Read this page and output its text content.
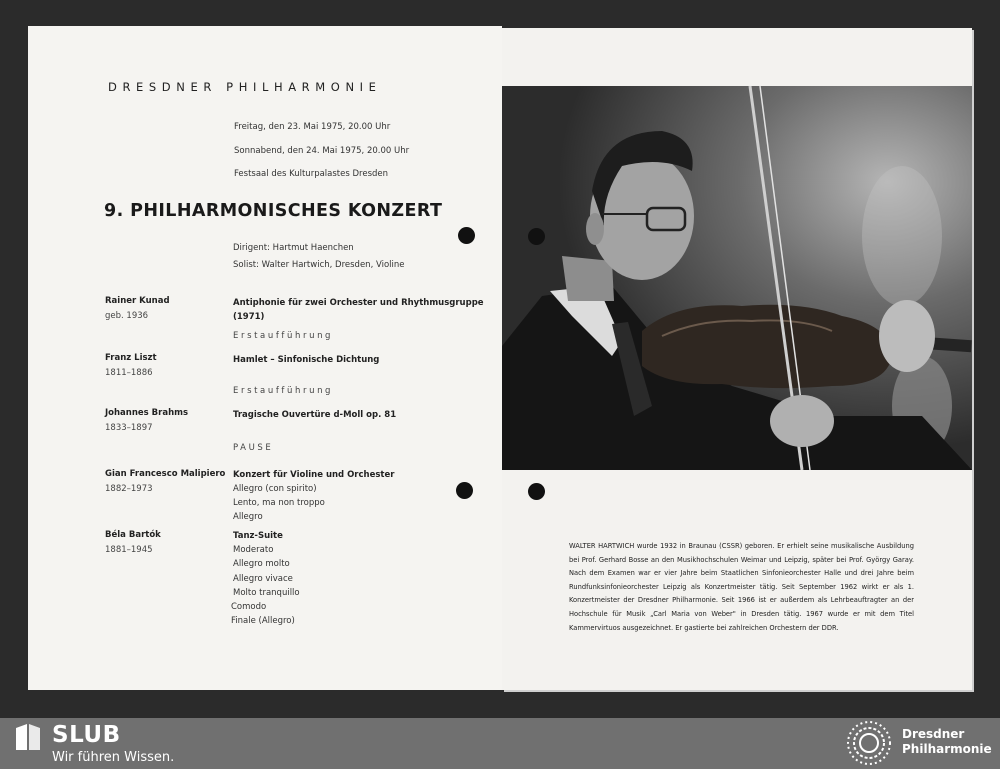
DRESDNER PHILHARMONIE
Freitag, den 23. Mai 1975, 20.00 Uhr
Sonnabend, den 24. Mai 1975, 20.00 Uhr
Festsaal des Kulturpalastes Dresden
9. PHILHARMONISCHES KONZERT
Dirigent: Hartmut Haenchen
Solist: Walter Hartwich, Dresden, Violine
Rainer Kunad
geb. 1936
Antiphonie für zwei Orchester und Rhythmusgruppe
(1971)
Erstaufführung
Franz Liszt
1811–1886
Hamlet – Sinfonische Dichtung
Erstaufführung
Johannes Brahms
1833–1897
Tragische Ouvertüre d-Moll op. 81
PAUSE
Gian Francesco Malipiero
1882–1973
Konzert für Violine und Orchester
Allegro (con spirito)
Lento, ma non troppo
Allegro
Béla Bartók
1881–1945
Tanz-Suite
Moderato
Allegro molto
Allegro vivace
Molto tranquillo
Comodo
Finale (Allegro)
WALTER HARTWICH wurde 1932 in Braunau (CSSR) geboren. Er erhielt seine musikalische Ausbildung bei Prof. Gerhard Bosse an den Musikhochschulen Weimar und Leipzig, später bei Prof. György Garay. Nach dem Examen war er vier Jahre beim Staatlichen Sinfonieorchester Halle und drei Jahre beim Rundfunksinfonieorchester Leipzig als Konzertmeister tätig. Seit September 1962 wirkt er als 1. Konzertmeister der Dresdner Philharmonie. Seit 1966 ist er außerdem als Lehrbeauftragter an der Hochschule für Musik „Carl Maria von Weber" in Dresden tätig. 1967 wurde er mit dem Titel Kammervirtuos ausgezeichnet. Er gastierte bei zahlreichen Orchestern der DDR.
SLUB
Wir führen Wissen.
Dresdner
Philharmonie
